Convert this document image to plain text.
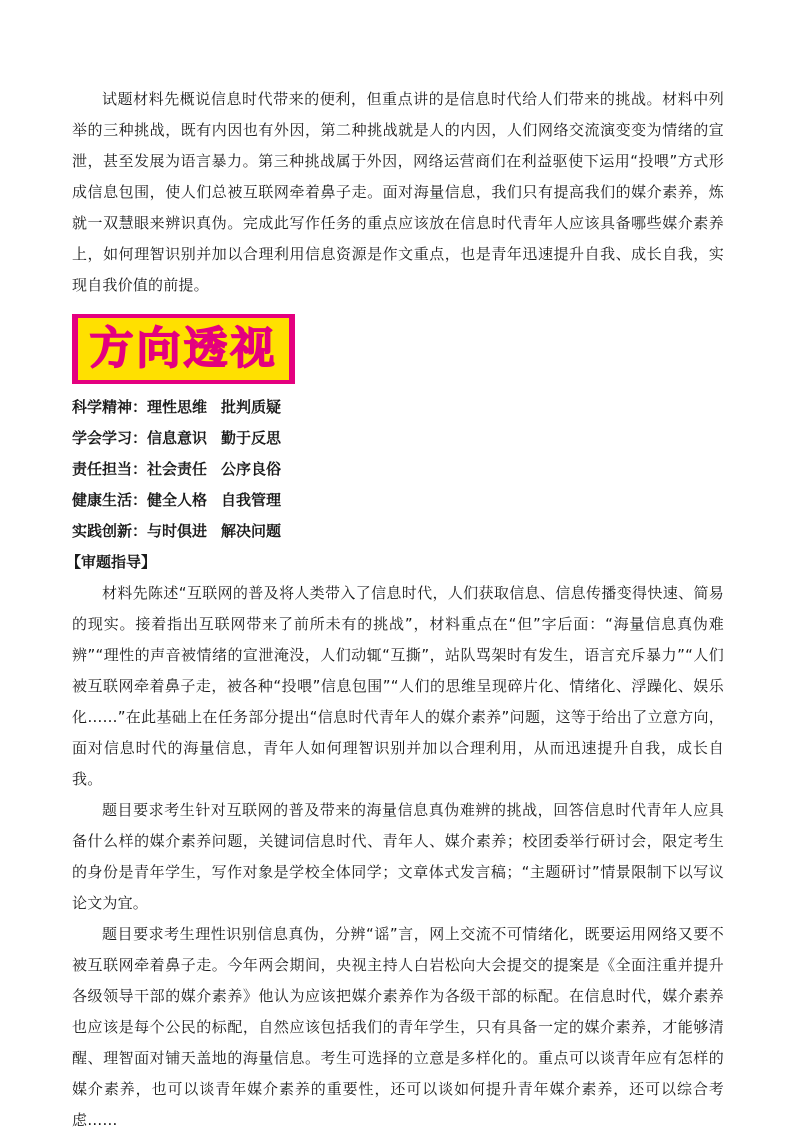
试题材料先概说信息时代带来的便利，但重点讲的是信息时代给人们带来的挑战。材料中列举的三种挑战，既有内因也有外因，第二种挑战就是人的内因，人们网络交流演变变为情绪的宣泄，甚至发展为语言暴力。第三种挑战属于外因，网络运营商们在利益驱使下运用“投喂”方式形成信息包围，使人们总被互联网牵着鼻子走。面对海量信息，我们只有提高我们的媒介素养，炼就一双慧眼来辨识真伪。完成此写作任务的重点应该放在信息时代青年人应该具备哪些媒介素养上，如何理智识别并加以合理利用信息资源是作文重点，也是青年迅速提升自我、成长自我，实现自我价值的前提。

方向透视
科学精神：理性思维 批判质疑
学会学习：信息意识 勤于反思
责任担当：社会责任 公序良俗
健康生活：健全人格 自我管理
实践创新：与时俱进 解决问题
【审题指导】

材料先陈述“互联网的普及将人类带入了信息时代，人们获取信息、信息传播变得快速、简易的现实。接着指出互联网带来了前所未有的挑战”，材料重点在“但”字后面：“海量信息真伪难辨”“理性的声音被情绪的宣泄淹没，人们动辄“互撕”，站队骂架时有发生，语言充斥暴力”“人们被互联网牵着鼻子走，被各种“投喂”信息包围”“人们的思维呈现碎片化、情绪化、浮躁化、娱乐化……”在此基础上在任务部分提出“信息时代青年人的媒介素养”问题，这等于给出了立意方向，面对信息时代的海量信息，青年人如何理智识别并加以合理利用，从而迅速提升自我，成长自我。

题目要求考生针对互联网的普及带来的海量信息真伪难辨的挑战，回答信息时代青年人应具备什么样的媒介素养问题，关键词信息时代、青年人、媒介素养；校团委举行研讨会，限定考生的身份是青年学生，写作对象是学校全体同学；文章体式发言稿；“主题研讨”情景限制下以写议论文为宜。

题目要求考生理性识别信息真伪，分辨“谣”言，网上交流不可情绪化，既要运用网络又要不被互联网牵着鼻子走。今年两会期间，央视主持人白岩松向大会提交的提案是《全面注重并提升各级领导干部的媒介素养》他认为应该把媒介素养作为各级干部的标配。在信息时代，媒介素养也应该是每个公民的标配，自然应该包括我们的青年学生，只有具备一定的媒介素养，才能够清醒、理智面对铺天盖地的海量信息。考生可选择的立意是多样化的。重点可以谈青年应有怎样的媒介素养，也可以谈青年媒介素养的重要性，还可以谈如何提升青年媒介素养，还可以综合考虑……
